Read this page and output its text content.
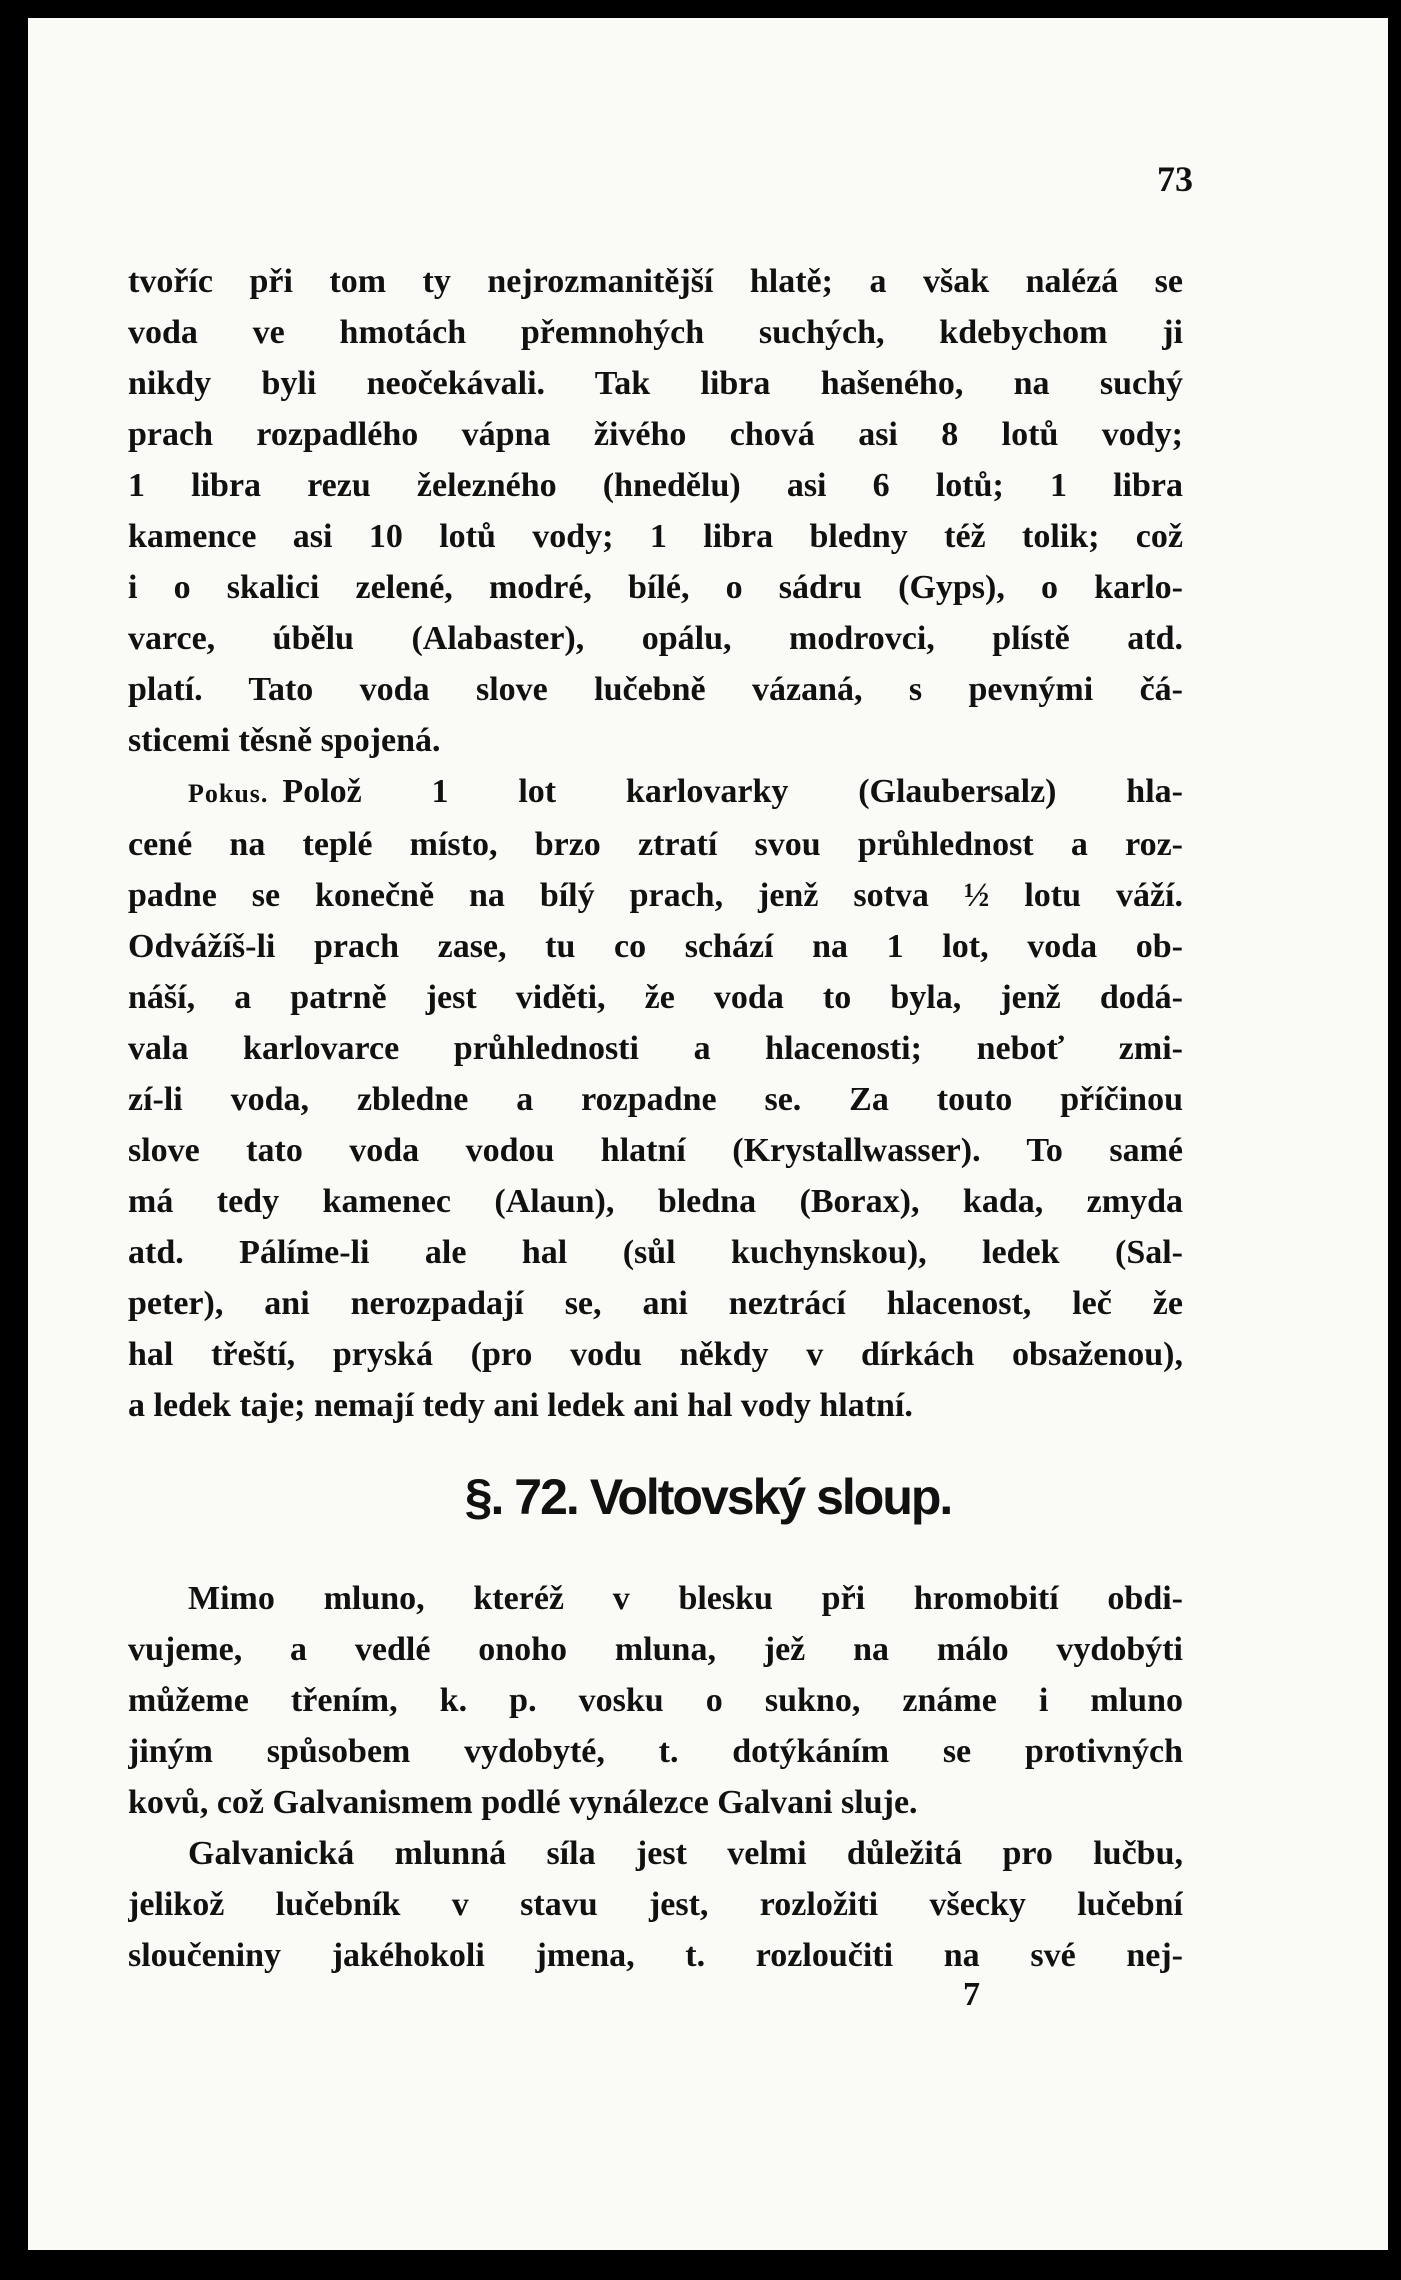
73
tvoříc při tom ty nejrozmanitější hlatě; a však nalézá se
voda ve hmotách přemnohých suchých, kdebychom ji
nikdy byli neočekávali. Tak libra hašeného, na suchý
prach rozpadlého vápna živého chová asi 8 lotů vody;
1 libra rezu železného (hnedělu) asi 6 lotů; 1 libra
kamence asi 10 lotů vody; 1 libra bledny též tolik; což
i o skalici zelené, modré, bílé, o sádru (Gyps), o karlo-
varce, úbělu (Alabaster), opálu, modrovci, plístě atd.
platí. Tato voda slove lučebně vázaná, s pevnými čá-
sticemi těsně spojená.
Pokus. Polož 1 lot karlovarky (Glaubersalz) hla-
cené na teplé místo, brzo ztratí svou průhlednost a roz-
padne se konečně na bílý prach, jenž sotva ½ lotu váží.
Odvážíš-li prach zase, tu co schází na 1 lot, voda ob-
náší, a patrně jest viděti, že voda to byla, jenž dodá-
vala karlovarce průhlednosti a hlacenosti; neboť zmi-
zí-li voda, zbledne a rozpadne se. Za touto příčinou
slove tato voda vodou hlatní (Krystallwasser). To samé
má tedy kamenec (Alaun), bledna (Borax), kada, zmyda
atd. Pálíme-li ale hal (sůl kuchynskou), ledek (Sal-
peter), ani nerozpadají se, ani neztrácí hlacenost, leč že
hal třeští, pryská (pro vodu někdy v dírkách obsaženou),
a ledek taje; nemají tedy ani ledek ani hal vody hlatní.
§. 72. Voltovský sloup.
Mimo mluno, kteréž v blesku při hromobití obdi-
vujeme, a vedlé onoho mluna, jež na málo vydobýti
můžeme třením, k. p. vosku o sukno, známe i mluno
jiným spůsobem vydobyté, t. dotýkáním se protivných
kovů, což Galvanismem podlé vynálezce Galvani sluje.
Galvanická mlunná síla jest velmi důležitá pro lučbu,
jelikož lučebník v stavu jest, rozložiti všecky lučební
sloučeniny jakéhokoli jmena, t. rozloučiti na své nej-
7
